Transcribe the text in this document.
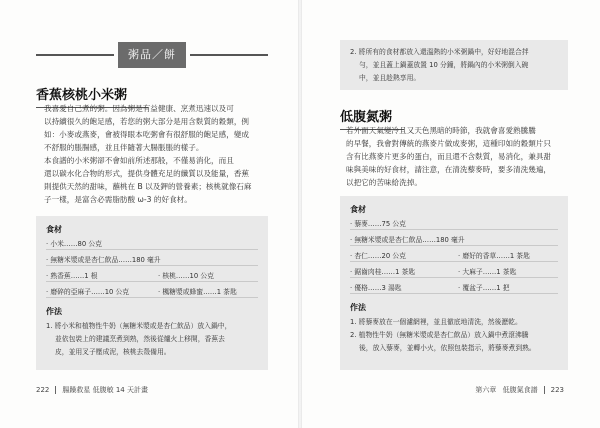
粥品／餅
香蕉核桃小米粥
我喜愛自己煮的粥。因為粥是有益健康、烹煮迅速以及可
以持續很久的飽足感，若您的粥大部分是用含麩質的穀類，例
如：小麥或燕麥，會被得眼本吃粥會有很舒服的飽足感，變成
不舒服的脹腸感，並且伴隨著大腸脹脹的樣子。
本食譜的小米粥卻不會如前所述那般，不僅易消化，而且
還以碳水化合物的形式，提供身體充足的纖質以及能量，香蕉
則提供天然的甜味，蘸桃在 B 以及鉀的營養素；核桃就像石麻
子一樣，是富含必需脂肪酸 ω-3 的好食材。
食材
‧ 小米……80 公克
‧ 無糖米漿或是杏仁飲品……180 毫升
‧ 熟香蕉……1 根	‧ 核桃……10 公克
‧ 磨碎的亞麻子……10 公克	‧ 楓糖漿或蜂蜜……1 茶匙
作法
1. 將小米和植物性牛奶（無糖米漿或是杏仁飲品）放入鍋中，
並依包裝上的建議烹煮到熟，然後從爐火上移開，香蕉去
皮，並用叉子壓成泥，核桃去殼備用。
222 腸躁救星 低腹敏 14 天計畫
2. 將所有的食材都放入還溫熱的小米粥鍋中，好好地混合拌
勻，並且蓋上鍋蓋放置 10 分鐘，將鍋內的小米粥倒入碗
中，並且趁熱享用。
低腹氮粥
若外面天氣變冷且又天色黑暗的時節，我就會喜愛熟騰騰
的早餐，我會對傳統的燕麥片做成麥粥，這種印如的穀類片只
含有比燕麥片更多的蛋白，而且還不含麩質，易消化，兼具甜
味與美味的好食材，請注意，在清洗藜麥時，要多清洗幾遍，
以把它的苦味給洗掉。
食材
‧ 藜麥……75 公克
‧ 無糖米漿或是杏仁飲品……180 毫升
‧ 杏仁……20 公克	‧ 磨好的香草……1 茶匙
‧ 鋸齒肉桂……1 茶匙	‧ 大麻子……1 茶匙
‧ 優格……3 湯匙	‧ 覆盆子……1 把
作法
1. 將藜麥放在一個濾網裡，並且徹底地清洗，然後瀝乾。
2. 植物性牛奶（無糖米漿或是杏仁飲品）放入鍋中煮滾沸騰
後，放入藜麥，並轉小火，依照包裝指示，將藜麥煮到熟。
第六章 低腹氮食譜 223
